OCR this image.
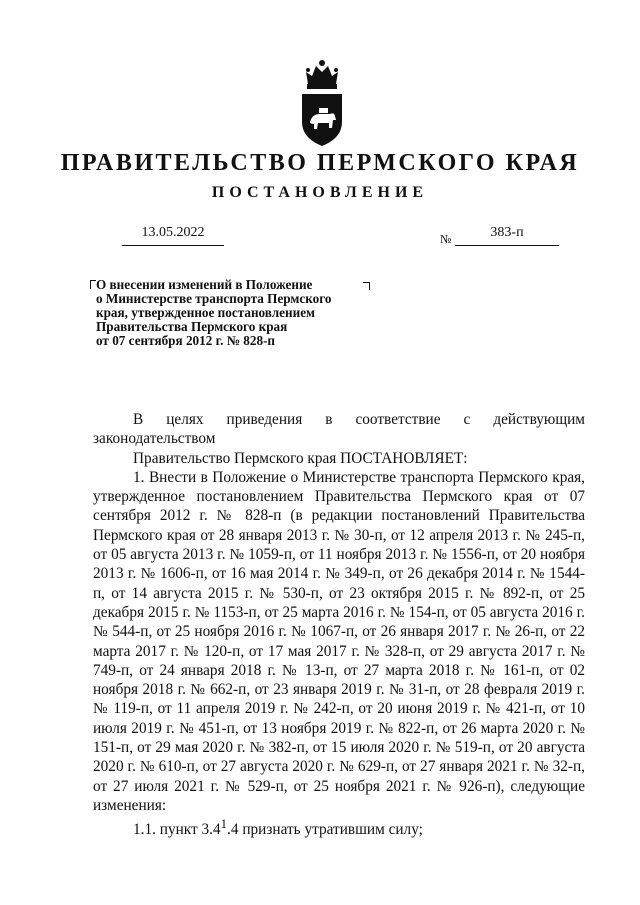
ПРАВИТЕЛЬСТВО ПЕРМСКОГО КРАЯ
ПОСТАНОВЛЕНИЕ
13.05.2022	№	383-п
О внесении изменений в Положение
о Министерстве транспорта Пермского
края, утвержденное постановлением
Правительства Пермского края
от 07 сентября 2012 г. № 828-п

В целях приведения в соответствие с действующим законодательством

Правительство Пермского края ПОСТАНОВЛЯЕТ:

1. Внести в Положение о Министерстве транспорта Пермского края, утвержденное постановлением Правительства Пермского края от 07 сентября 2012 г. № 828-п (в редакции постановлений Правительства Пермского края от 28 января 2013 г. № 30-п, от 12 апреля 2013 г. № 245-п, от 05 августа 2013 г. № 1059-п, от 11 ноября 2013 г. № 1556-п, от 20 ноября 2013 г. № 1606-п, от 16 мая 2014 г. № 349-п, от 26 декабря 2014 г. № 1544-п, от 14 августа 2015 г. № 530-п, от 23 октября 2015 г. № 892-п, от 25 декабря 2015 г. № 1153-п, от 25 марта 2016 г. № 154-п, от 05 августа 2016 г. № 544-п, от 25 ноября 2016 г. № 1067-п, от 26 января 2017 г. № 26-п, от 22 марта 2017 г. № 120-п, от 17 мая 2017 г. № 328-п, от 29 августа 2017 г. № 749-п, от 24 января 2018 г. № 13-п, от 27 марта 2018 г. № 161-п, от 02 ноября 2018 г. № 662-п, от 23 января 2019 г. № 31-п, от 28 февраля 2019 г. № 119-п, от 11 апреля 2019 г. № 242-п, от 20 июня 2019 г. № 421-п, от 10 июля 2019 г. № 451-п, от 13 ноября 2019 г. № 822-п, от 26 марта 2020 г. № 151-п, от 29 мая 2020 г. № 382-п, от 15 июля 2020 г. № 519-п, от 20 августа 2020 г. № 610-п, от 27 августа 2020 г. № 629-п, от 27 января 2021 г. № 32-п, от 27 июля 2021 г. № 529-п, от 25 ноября 2021 г. № 926-п), следующие изменения:

1.1. пункт $3.4^1.4$ признать утратившим силу;
